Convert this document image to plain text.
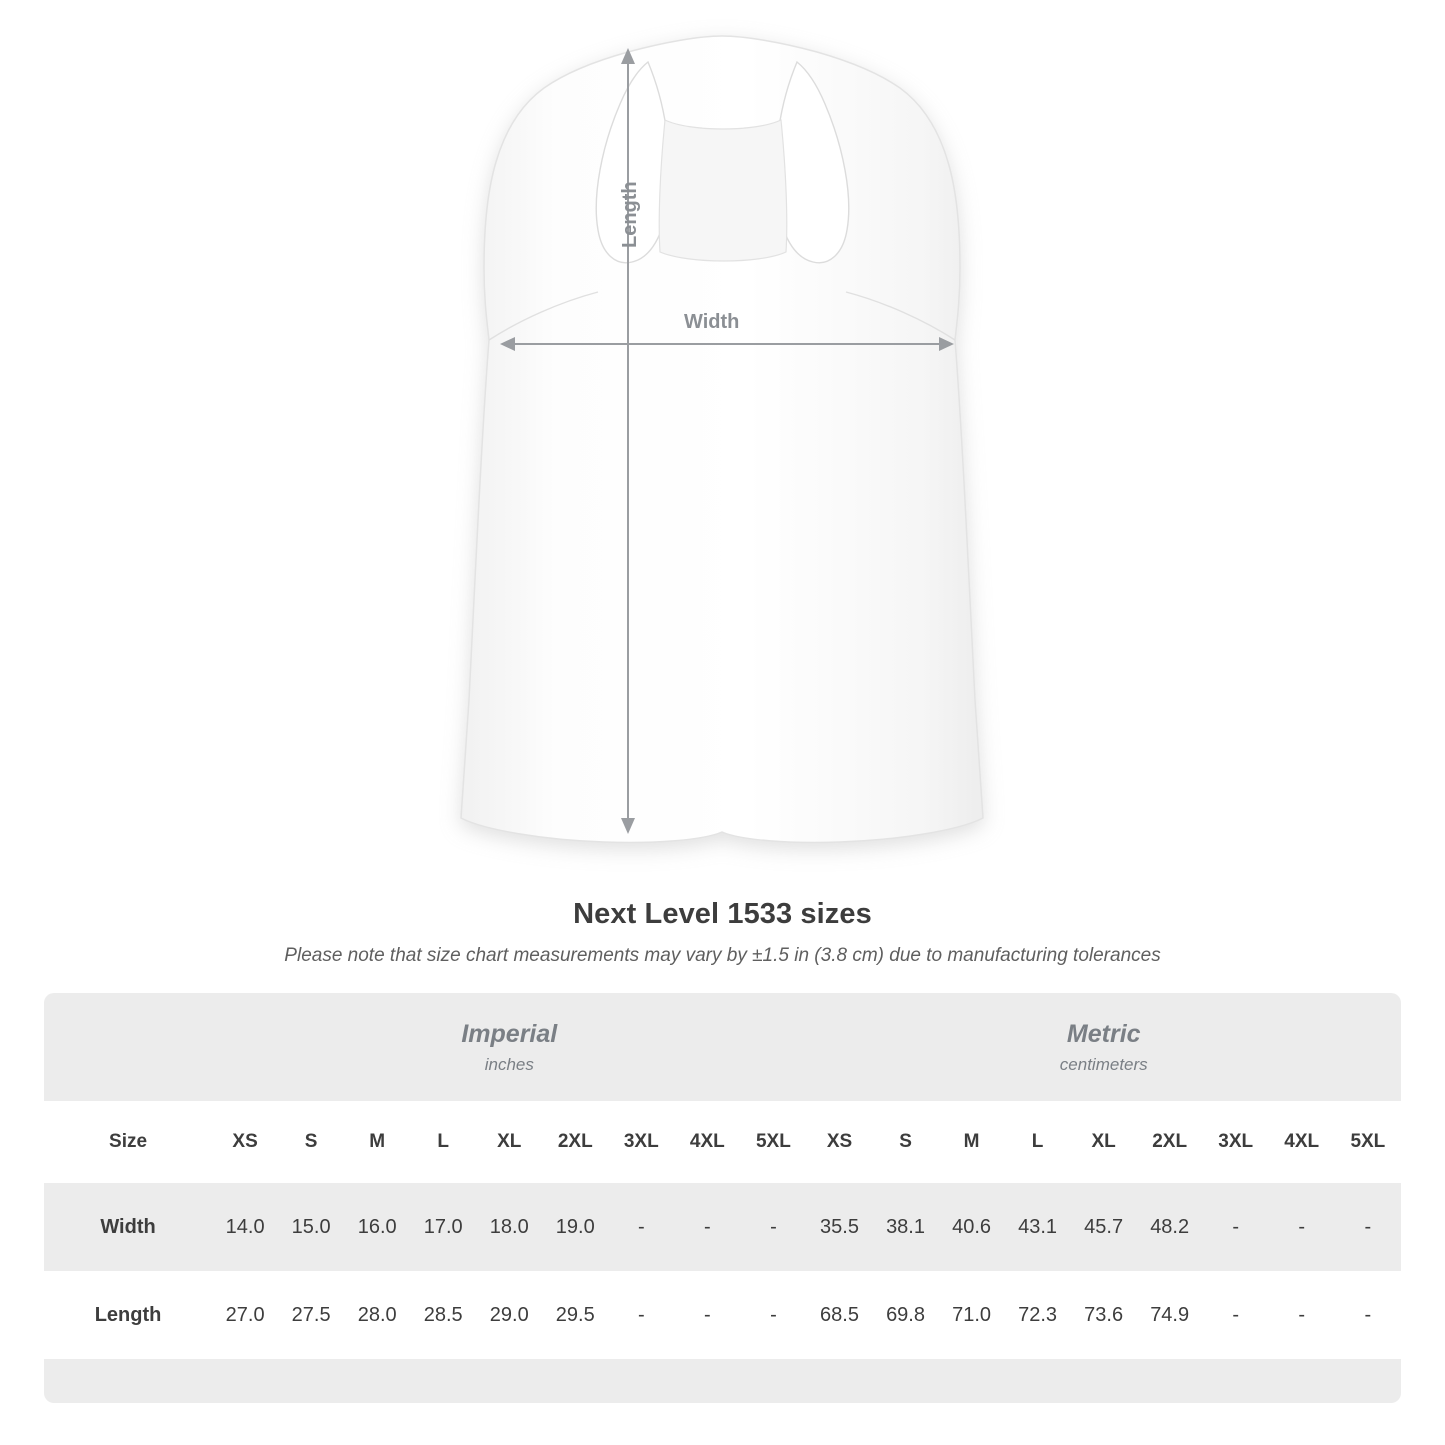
Width
Length
Next Level 1533 sizes
Please note that size chart measurements may vary by ±1.5 in (3.8 cm) due to manufacturing tolerances

Imperial
inches

Metric
centimeters

Size	XS	S	M	L	XL	2XL	3XL	4XL	5XL	XS	S	M	L	XL	2XL	3XL	4XL	5XL
Width	14.0	15.0	16.0	17.0	18.0	19.0	-	-	-	35.5	38.1	40.6	43.1	45.7	48.2	-	-	-
Length	27.0	27.5	28.0	28.5	29.0	29.5	-	-	-	68.5	69.8	71.0	72.3	73.6	74.9	-	-	-
